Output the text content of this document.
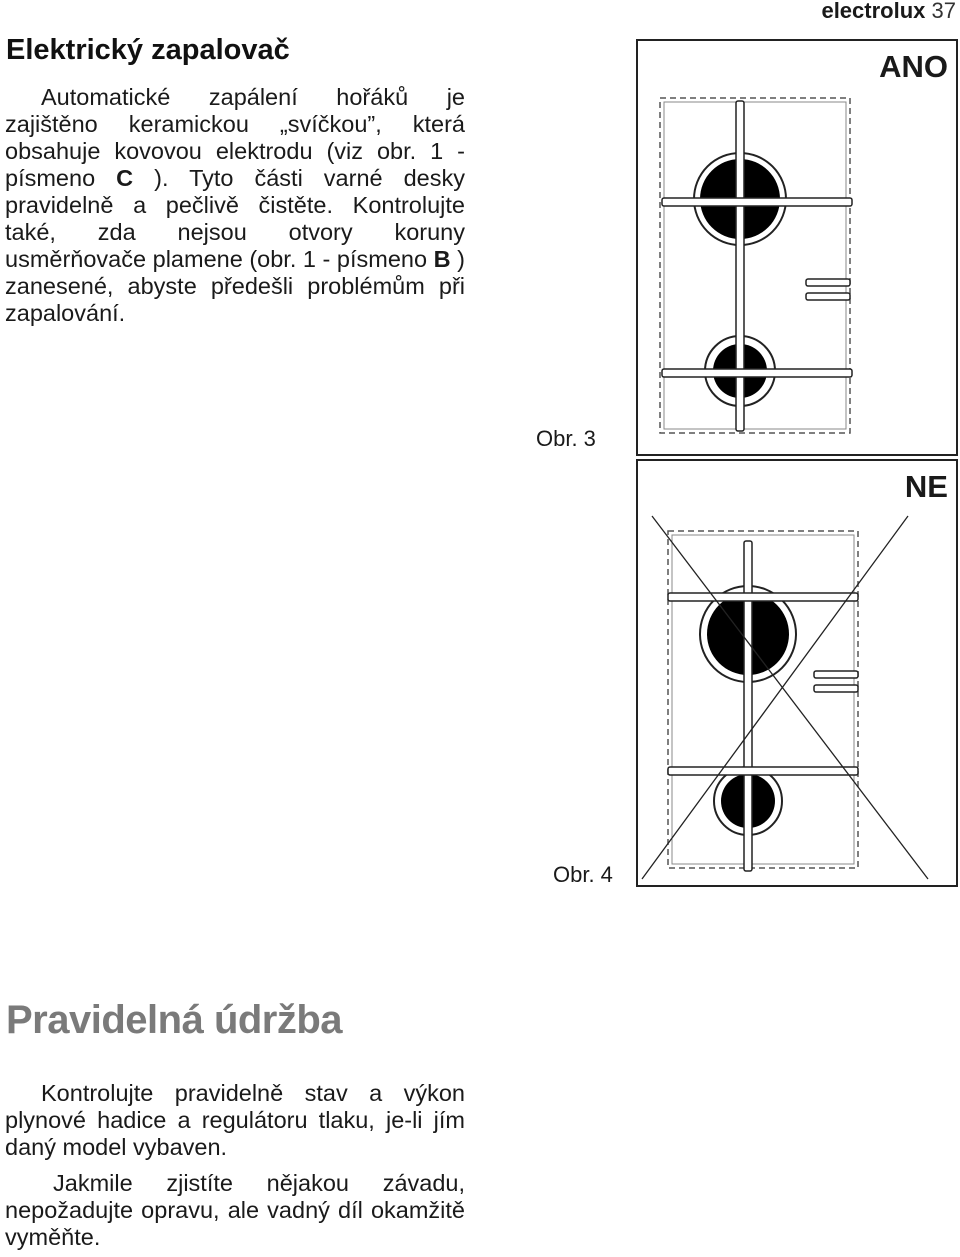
electrolux 37
Elektrický zapalovač

Automatické zapálení hořáků je zajištěno keramickou „svíčkou”, která obsahuje kovovou elektrodu (viz obr. 1 - písmeno C ). Tyto části varné desky pravidelně a pečlivě čistěte. Kontrolujte také, zda nejsou otvory koruny usměrňovače plamene (obr. 1 - písmeno B ) zanesené, abyste předešli problémům při zapalování.

ANO
Obr. 3
NE
Obr. 4
Pravidelná údržba

Kontrolujte pravidelně stav a výkon plynové hadice a regulátoru tlaku, je-li jím daný model vybaven.

Jakmile zjistíte nějakou závadu, nepožadujte opravu, ale vadný díl okamžitě vyměňte.
